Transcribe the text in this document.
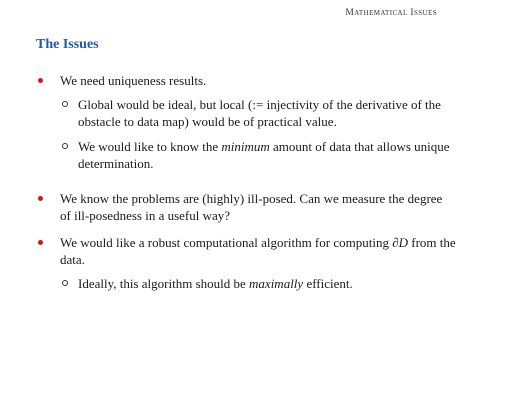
Mathematical Issues
The Issues
We need uniqueness results.
Global would be ideal, but local (:= injectivity of the derivative of the obstacle to data map) would be of practical value.
We would like to know the minimum amount of data that allows unique determination.
We know the problems are (highly) ill-posed. Can we measure the degree of ill-posedness in a useful way?
We would like a robust computational algorithm for computing ∂D from the data.
Ideally, this algorithm should be maximally efficient.
